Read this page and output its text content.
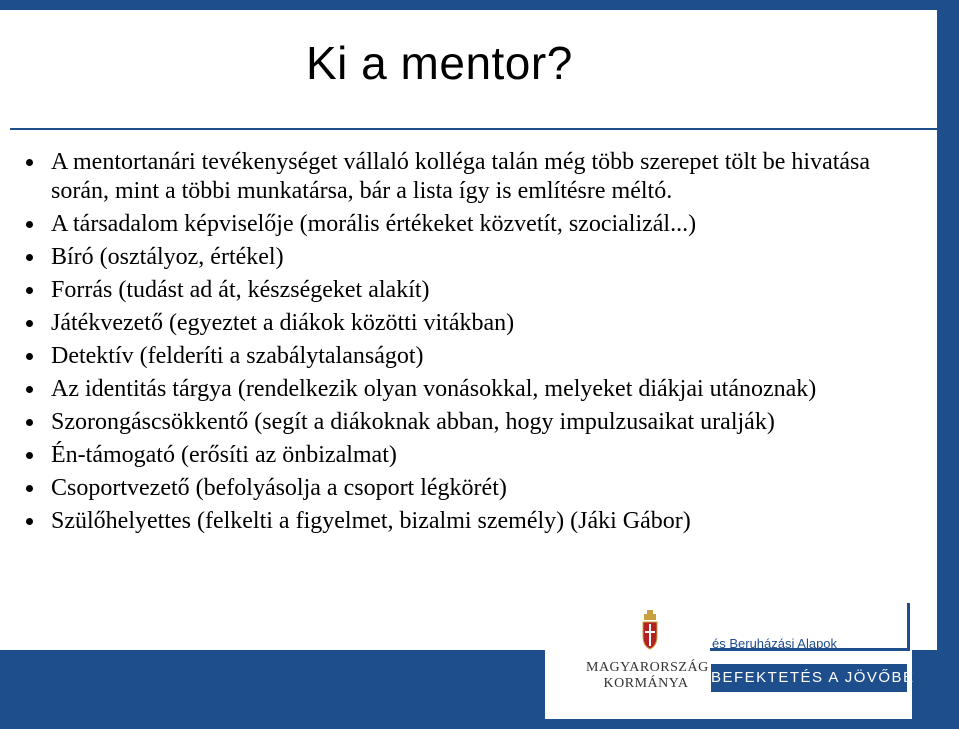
Ki a mentor?
A mentortanári tevékenységet vállaló kolléga talán még több szerepet tölt be hivatása során, mint a többi munkatársa, bár a lista így is említésre méltó.
A társadalom képviselője (morális értékeket közvetít, szocializál...)
Bíró (osztályoz, értékel)
Forrás (tudást ad át, készségeket alakít)
Játékvezető (egyeztet a diákok közötti vitákban)
Detektív (felderíti a szabálytalanságot)
Az identitás tárgya (rendelkezik olyan vonásokkal, melyeket diákjai utánoznak)
Szorongáscsökkentő (segít a diákoknak abban, hogy impulzusaikat uralják)
Én-támogató (erősíti az önbizalmat)
Csoportvezető (befolyásolja a csoport légkörét)
Szülőhelyettes (felkelti a figyelmet, bizalmi személy) (Jáki Gábor)
és Beruházási Alapok
MAGYARORSZÁG
KORMÁNYA	BEFEKTETÉS A JÖVŐBE
